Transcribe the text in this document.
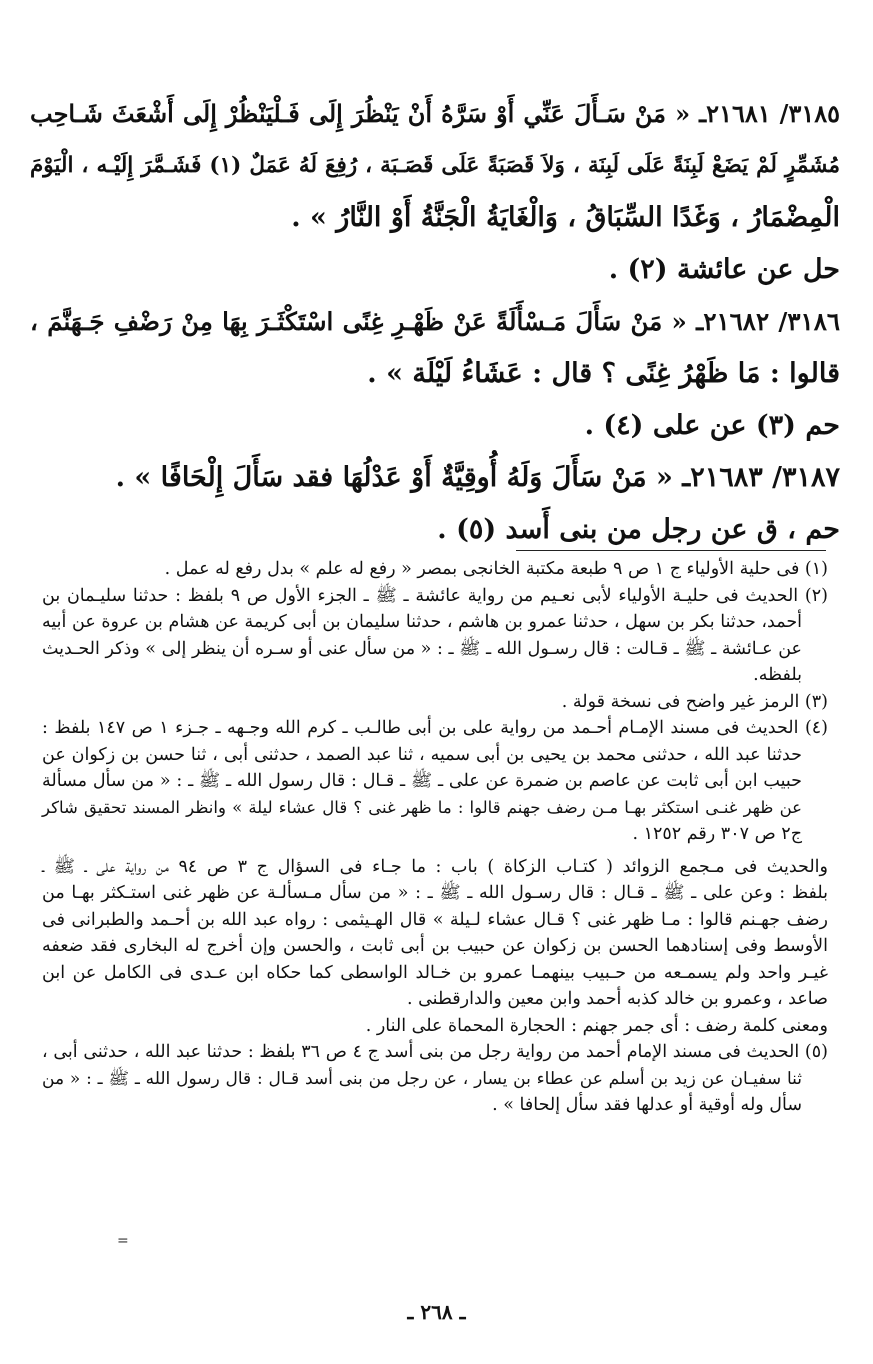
٣١٨٥/ ٢١٦٨١ـ « مَنْ سَـأَلَ عَنِّي أَوْ سَرَّهُ أَنْ يَنْظُرَ إِلَى فَـلْيَنْظُرْ إِلَى أَشْعَثَ شَـاحِب
مُشَمِّرٍ لَمْ يَضَعْ لَبِنَةً عَلَى لَبِنَة ، وَلاَ قَصَبَةً عَلَى قَصَـبَة ، رُفِعَ لَهُ عَمَلٌ (١) فَشَـمَّرَ إِلَيْـه ، الْيَوْمَ
الْمِضْمَارُ ، وَغَدًا السِّبَاقُ ، وَالْغَايَةُ الْجَنَّةُ أَوْ النَّارُ » .
حل عن عائشة (٢) .
٣١٨٦/ ٢١٦٨٢ـ « مَنْ سَأَلَ مَـسْأَلَةً عَنْ ظَهْـرِ غِنًى اسْتَكْثَـرَ بِهَا مِنْ رَضْفِ جَـهَنَّمَ ،
قالوا : مَا ظَهْرُ غِنًى ؟ قال : عَشَاءُ لَيْلَة » .
حم (٣) عن على (٤) .
٣١٨٧/ ٢١٦٨٣ـ « مَنْ سَأَلَ وَلَهُ أُوقِيَّةٌ أَوْ عَدْلُهَا فقد سَأَلَ إِلْحَافًا » .
حم ، ق عن رجل من بنى أَسد (٥) .
(١) فى حلية الأولياء ج ١ ص ٩ طبعة مكتبة الخانجى بمصر « رفع له علم » بدل رفع له عمل .
(٢) الحديث فى حليـة الأولياء لأبى نعـيم من رواية عائشة ـ ﷺ ـ الجزء الأول ص ٩ بلفظ : حدثنا سليـمان بن
أحمد، حدثنا بكر بن سهل ، حدثنا عمرو بن هاشم ، حدثنا سليمان بن أبى كريمة عن هشام بن عروة عن أبيه
عن عـائشة ـ ﷺ ـ قـالت : قال رسـول الله ـ ﷺ ـ : « من سأل عنى أو سـره أن ينظر إلى » وذكر الحـديث
بلفظه.
(٣) الرمز غير واضح فى نسخة قولة .
(٤) الحديث فى مسند الإمـام أحـمد من رواية على بن أبى طالـب ـ كرم الله وجـهه ـ جـزء ١ ص ١٤٧ بلفظ :
حدثنا عبد الله ، حدثنى محمد بن يحيى بن أبى سميه ، ثنا عبد الصمد ، حدثنى أبى ، ثنا حسن بن زكوان عن
حبيب ابن أبى ثابت عن عاصم بن ضمرة عن على ـ ﷺ ـ قـال : قال رسول الله ـ ﷺ ـ : « من سأل مسألة
عن ظهر غنـى استكثر بهـا مـن رضف جهنم قالوا : ما ظهر غنى ؟ قال عشاء ليلة » وانظر المسند تحقيق شاكر
ج٢ ص ٣٠٧ رقم ١٢٥٢ .
والحديث فى مـجمع الزوائد ( كتـاب الزكاة ) باب : ما جـاء فى السؤال ج ٣ ص ٩٤ من رواية على ـ ﷺ ـ
بلفظ : وعن على ـ ﷺ ـ قـال : قال رسـول الله ـ ﷺ ـ : « من سأل مـسألـة عن ظهر غنى استـكثر بهـا من
رضف جهـنم قالوا : مـا ظهر غنى ؟ قـال عشاء لـيلة » قال الهـيثمى : رواه عبد الله بن أحـمد والطبرانى فى
الأوسط وفى إسنادهما الحسن بن زكوان عن حبيب بن أبى ثابت ، والحسن وإن أخرج له البخارى فقد ضعفه
غيـر واحد ولم يسمـعه من حـبيب بينهمـا عمرو بن خـالد الواسطى كما حكاه ابن عـدى فى الكامل عن ابن
صاعد ، وعمرو بن خالد كذبه أحمد وابن معين والدارقطنى .
ومعنى كلمة رضف : أى جمر جهنم : الحجارة المحماة على النار .
(٥) الحديث فى مسند الإمام أحمد من رواية رجل من بنى أسد ج ٤ ص ٣٦ بلفظ : حدثنا عبد الله ، حدثنى أبى ،
ثنا سفيـان عن زيد بن أسلم عن عطاء بن يسار ، عن رجل من بنى أسد قـال : قال رسول الله ـ ﷺ ـ : « من
سأل وله أوقية أو عدلها فقد سأل إلحافا » .
=
ـ ٢٦٨ ـ
